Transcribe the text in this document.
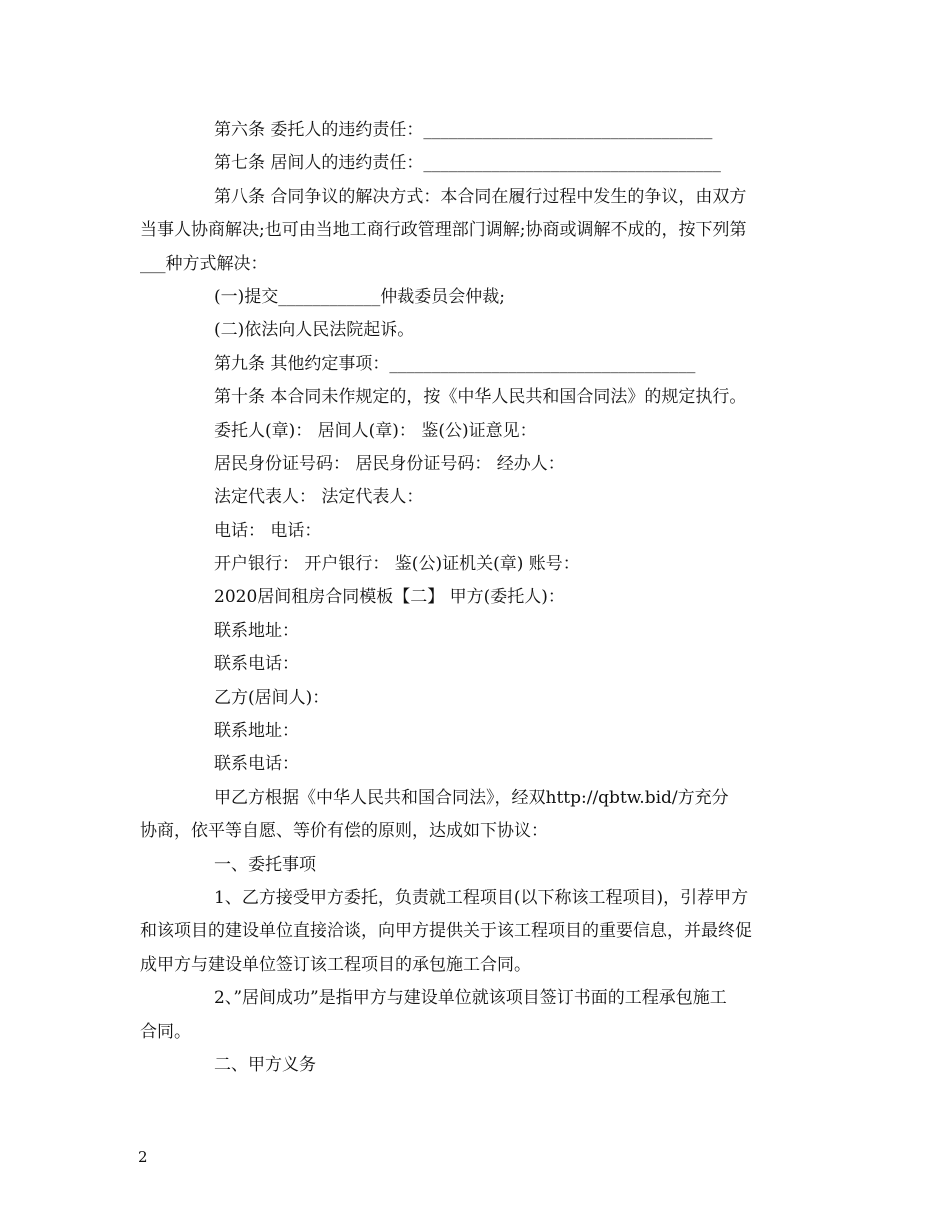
第六条 委托人的违约责任：__________________________________
第七条 居间人的违约责任：___________________________________
第八条 合同争议的解决方式：本合同在履行过程中发生的争议，由双方
当事人协商解决;也可由当地工商行政管理部门调解;协商或调解不成的，按下列第
___种方式解决：
(一)提交____________仲裁委员会仲裁;
(二)依法向人民法院起诉。
第九条 其他约定事项：____________________________________
第十条 本合同未作规定的，按《中华人民共和国合同法》的规定执行。
委托人(章)： 居间人(章)： 鉴(公)证意见：
居民身份证号码： 居民身份证号码： 经办人：
法定代表人： 法定代表人：
电话： 电话：
开户银行： 开户银行： 鉴(公)证机关(章) 账号：
2020居间租房合同模板【二】 甲方(委托人)：
联系地址：
联系电话：
乙方(居间人)：
联系地址：
联系电话：
甲乙方根据《中华人民共和国合同法》，经双http://qbtw.bid/方充分
协商，依平等自愿、等价有偿的原则，达成如下协议：
一、委托事项
1、乙方接受甲方委托，负责就工程项目(以下称该工程项目)，引荐甲方
和该项目的建设单位直接洽谈，向甲方提供关于该工程项目的重要信息，并最终促
成甲方与建设单位签订该工程项目的承包施工合同。
2、”居间成功”是指甲方与建设单位就该项目签订书面的工程承包施工
合同。
二、甲方义务
2
